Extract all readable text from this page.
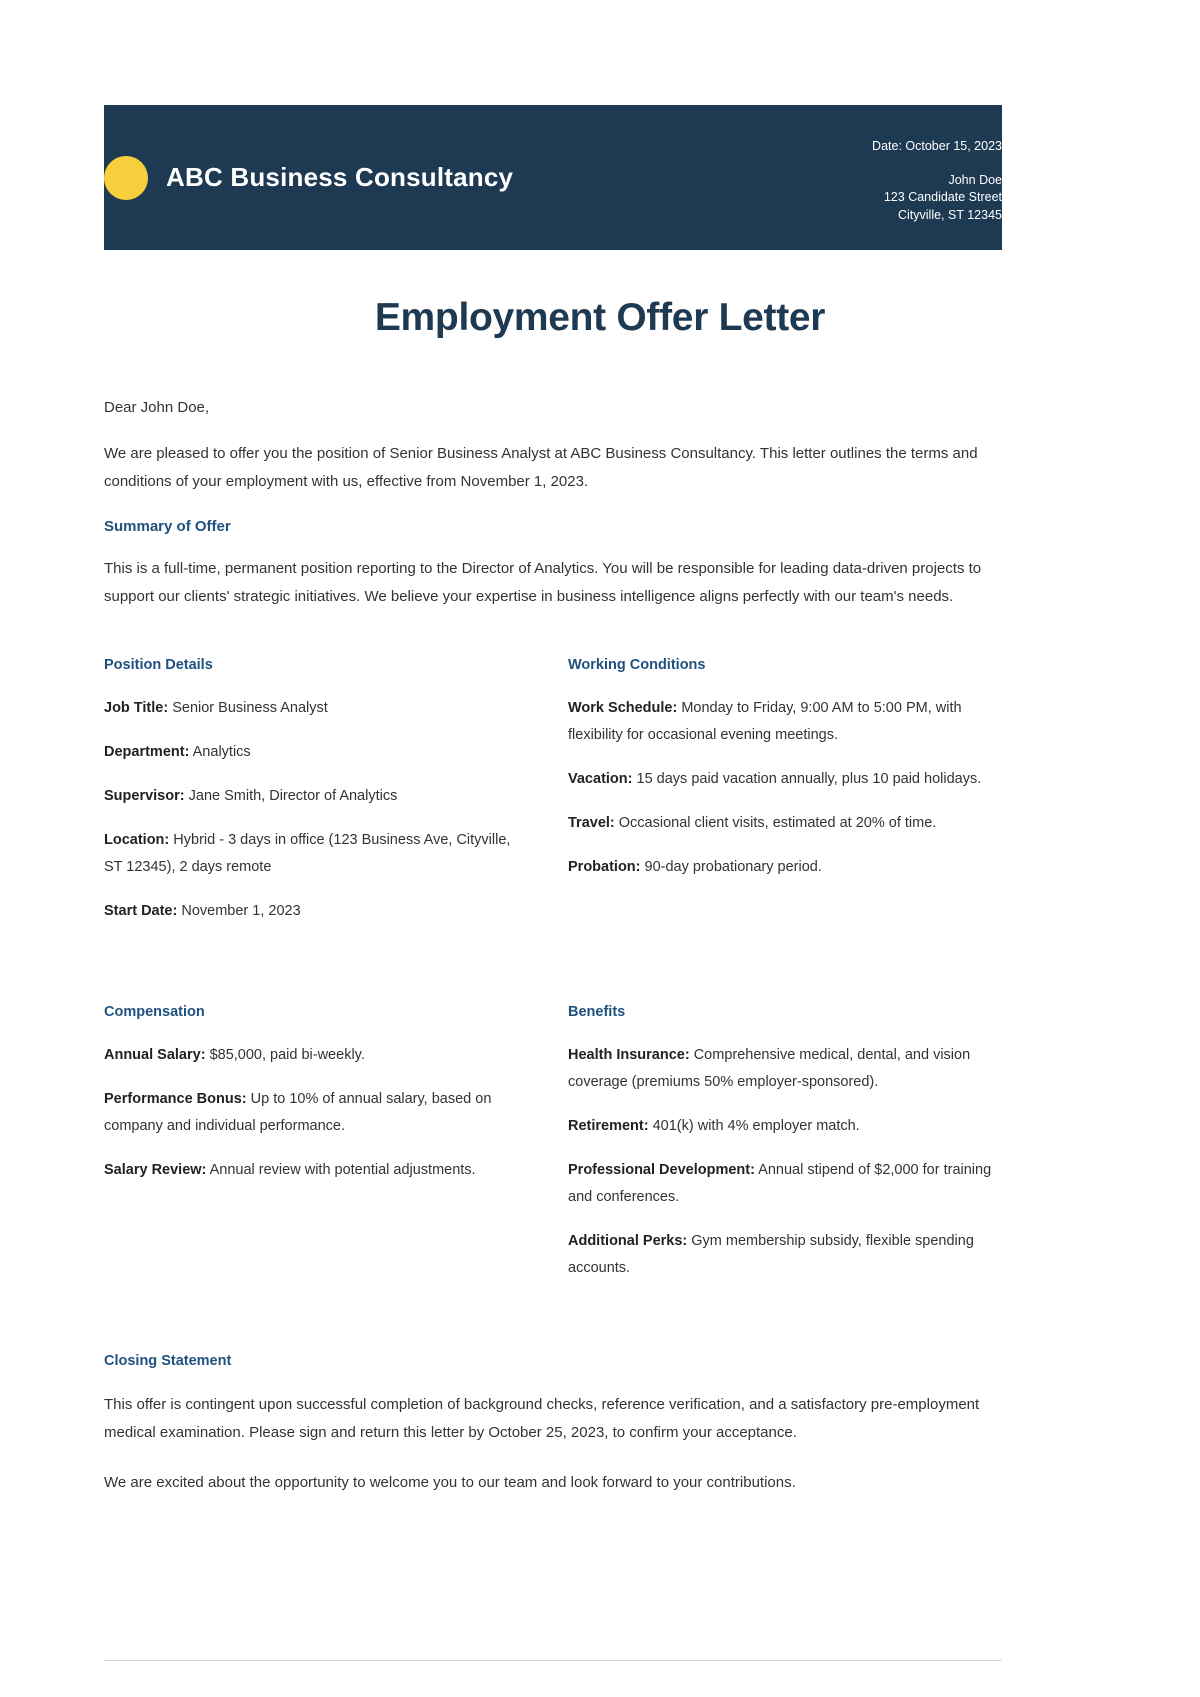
ABC Business Consultancy
Date: October 15, 2023
John Doe
123 Candidate Street
Cityville, ST 12345
Employment Offer Letter
Dear John Doe,

We are pleased to offer you the position of Senior Business Analyst at ABC Business Consultancy. This letter outlines the terms and conditions of your employment with us, effective from November 1, 2023.

Summary of Offer

This is a full-time, permanent position reporting to the Director of Analytics. You will be responsible for leading data-driven projects to support our clients' strategic initiatives. We believe your expertise in business intelligence aligns perfectly with our team's needs.

Position Details
Job Title: Senior Business Analyst
Department: Analytics
Supervisor: Jane Smith, Director of Analytics
Location: Hybrid - 3 days in office (123 Business Ave, Cityville, ST 12345), 2 days remote
Start Date: November 1, 2023
Working Conditions
Work Schedule: Monday to Friday, 9:00 AM to 5:00 PM, with flexibility for occasional evening meetings.
Vacation: 15 days paid vacation annually, plus 10 paid holidays.
Travel: Occasional client visits, estimated at 20% of time.
Probation: 90-day probationary period.
Compensation
Annual Salary: $85,000, paid bi-weekly.
Performance Bonus: Up to 10% of annual salary, based on company and individual performance.
Salary Review: Annual review with potential adjustments.
Benefits
Health Insurance: Comprehensive medical, dental, and vision coverage (premiums 50% employer-sponsored).
Retirement: 401(k) with 4% employer match.
Professional Development: Annual stipend of $2,000 for training and conferences.
Additional Perks: Gym membership subsidy, flexible spending accounts.
Closing Statement

This offer is contingent upon successful completion of background checks, reference verification, and a satisfactory pre-employment medical examination. Please sign and return this letter by October 25, 2023, to confirm your acceptance.

We are excited about the opportunity to welcome you to our team and look forward to your contributions.
